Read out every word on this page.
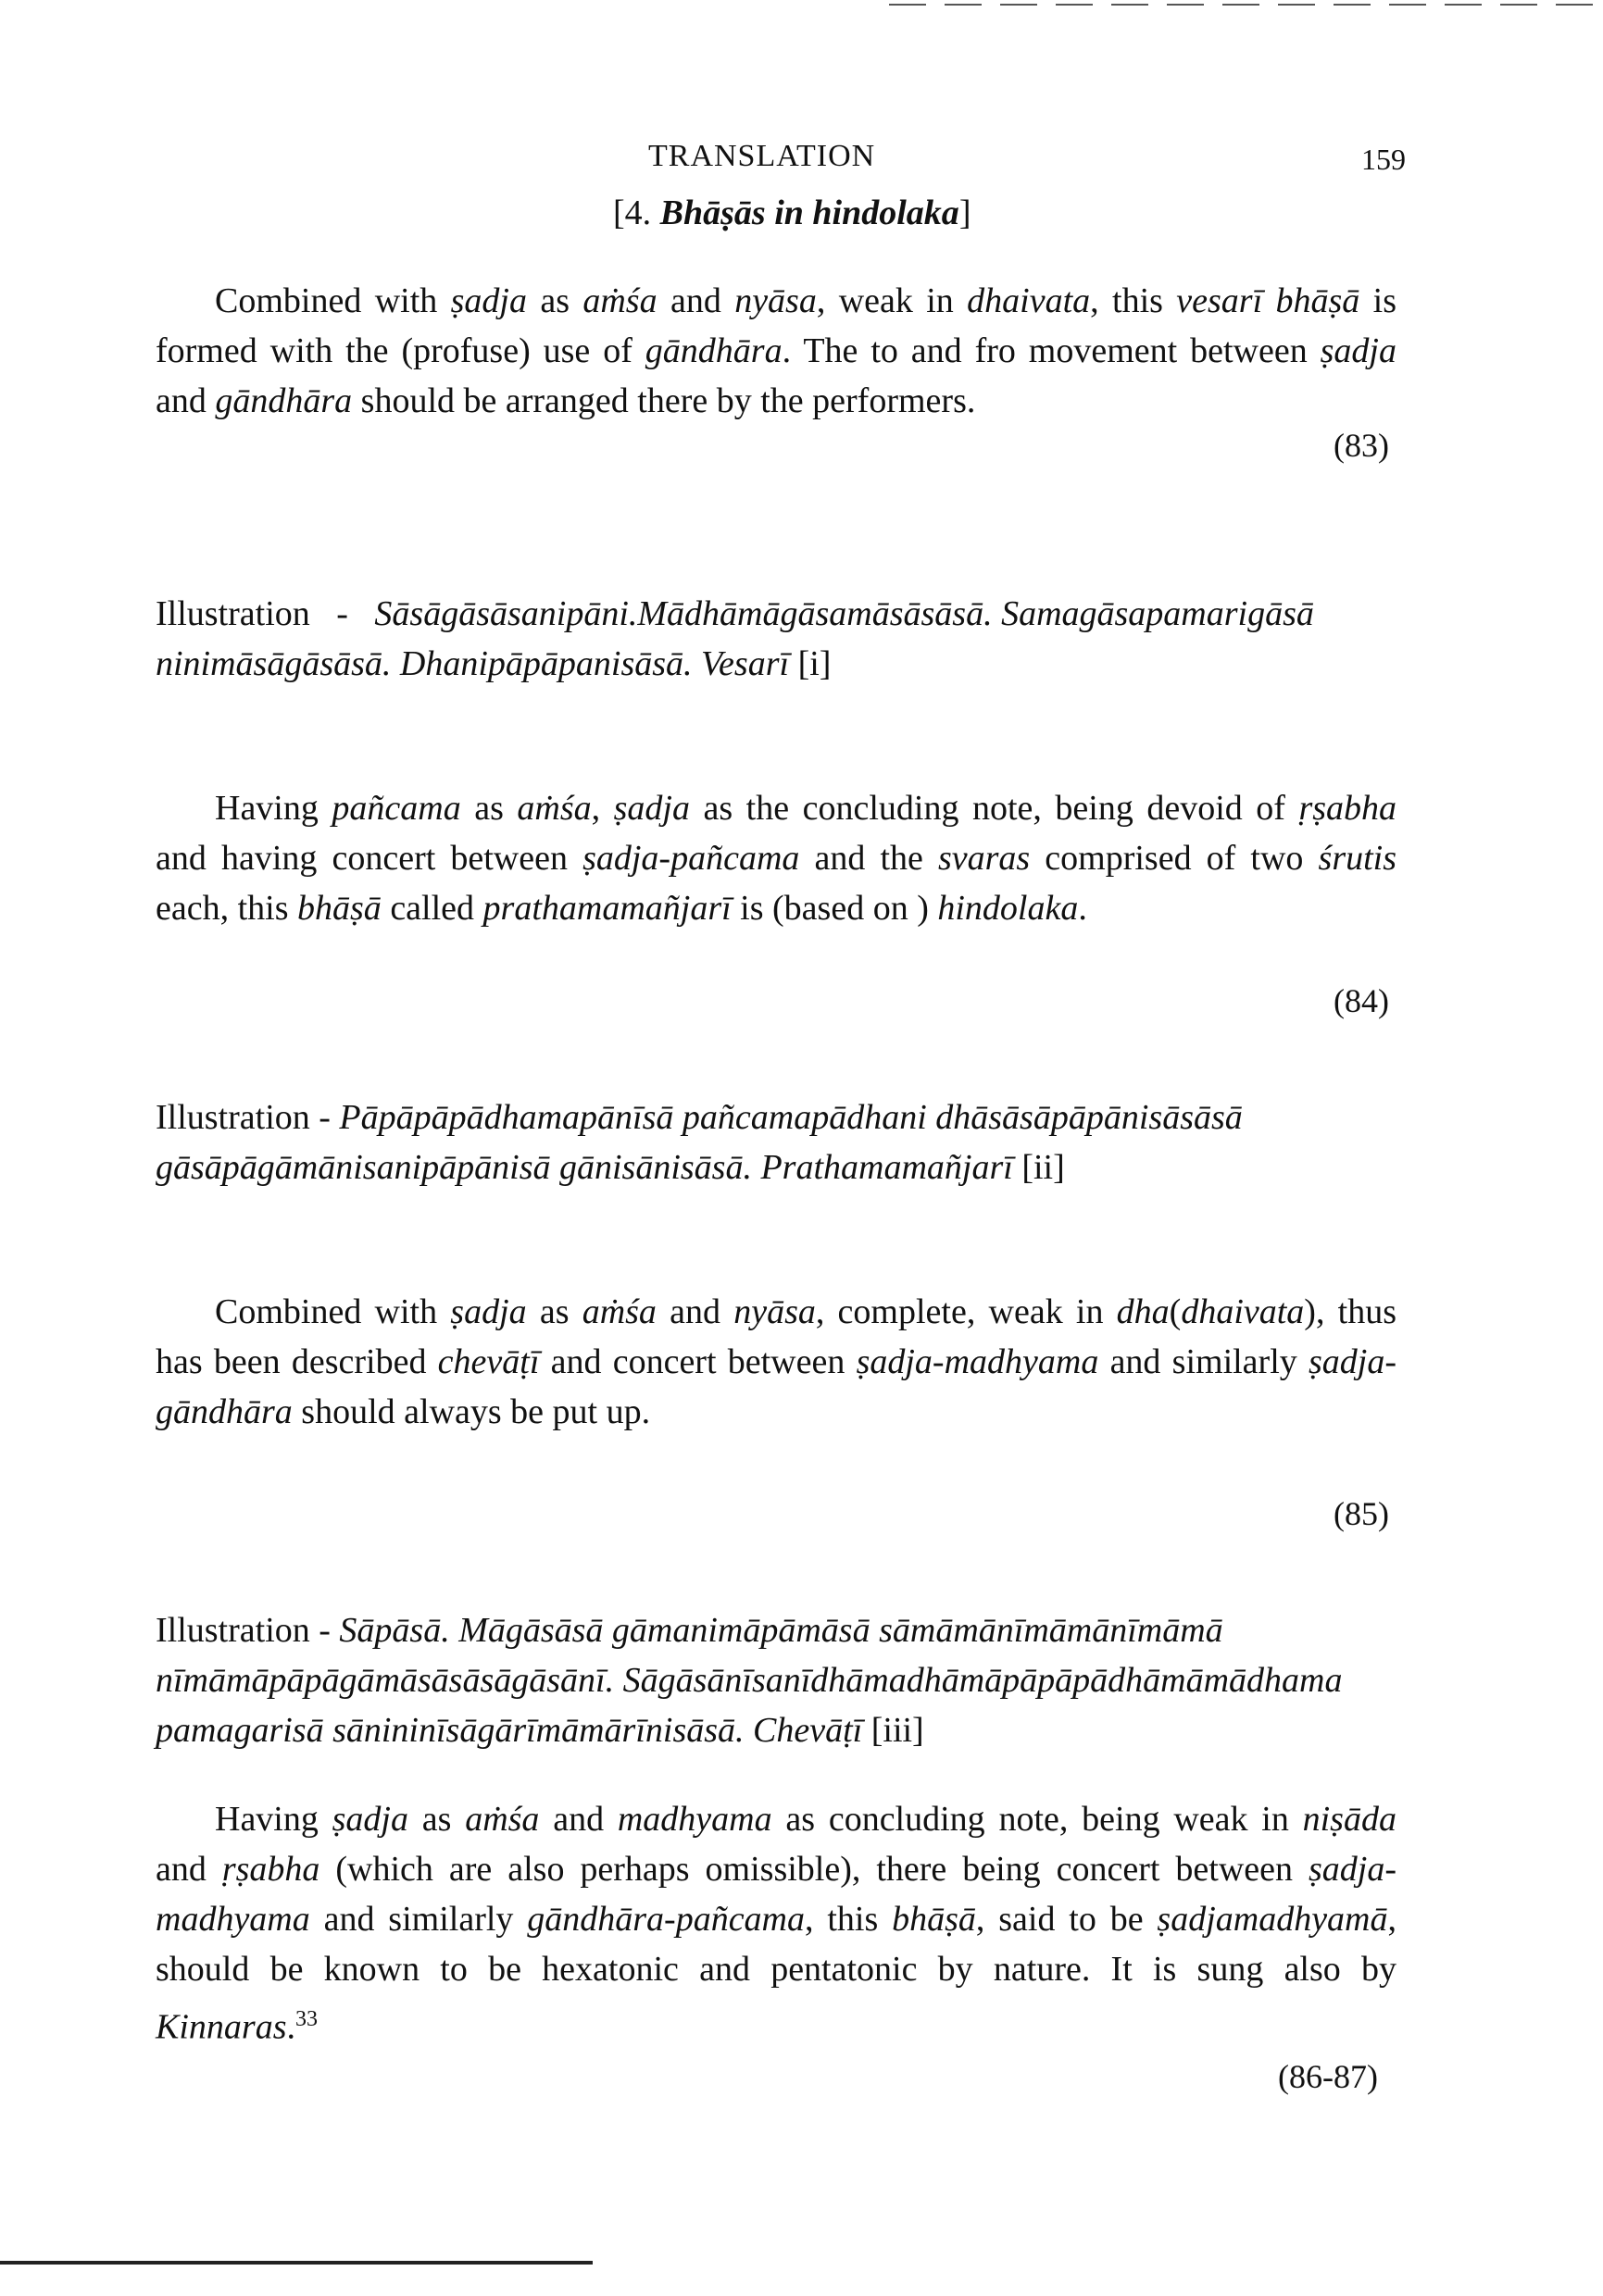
TRANSLATION	159
[4. Bhāṣās in hindolaka]
Combined with ṣadja as aṁśa and nyāsa, weak in dhaivata, this vesarī bhāṣā is formed with the (profuse) use of gāndhāra. The to and fro movement between ṣadja and gāndhāra should be arranged there by the performers.
(83)
Illustration   -   Sāsāgāsāsanipāni.Mādhāmāgāsamāsāsāsā. Samagāsapamarigāsā ninimāsāgāsāsā. Dhanipāpāpanisāsā. Vesarī [i]
Having pañcama as aṁśa, ṣadja as the concluding note, being devoid of ṛṣabha and having concert between ṣadja-pañcama and the svaras comprised of two śrutis each, this bhāṣā called prathamamañjarī is (based on ) hindolaka.
(84)
Illustration - Pāpāpāpādhamapānīsā pañcamapādhani dhāsāsāpāpānisāsāsā gāsāpāgāmānisanipāpānisā gānisānisāsā. Prathamamañjarī [ii]
Combined with ṣadja as aṁśa and nyāsa, complete, weak in dha(dhaivata), thus has been described chevāṭī and concert between ṣadja-madhyama and similarly ṣadja-gāndhāra should always be put up.
(85)
Illustration - Sāpāsā. Māgāsāsā gāmanimāpāmāsā sāmāmānīmāmānīmāmā nīmāmāpāpāgāmāsāsāsāgāsānī. Sāgāsānīsanīdhāmadhāmāpāpāpādhāmāmādhama pamagarisā sānininīsāgārīmāmārīnisāsā. Chevāṭī [iii]
Having ṣadja as aṁśa and madhyama as concluding note, being weak in niṣāda and ṛṣabha (which are also perhaps omissible), there being concert between ṣadja-madhyama and similarly gāndhāra-pañcama, this bhāṣā, said to be ṣadjamadhyamā, should be known to be hexatonic and pentatonic by nature. It is sung also by Kinnaras.$^{33}$
(86-87)
